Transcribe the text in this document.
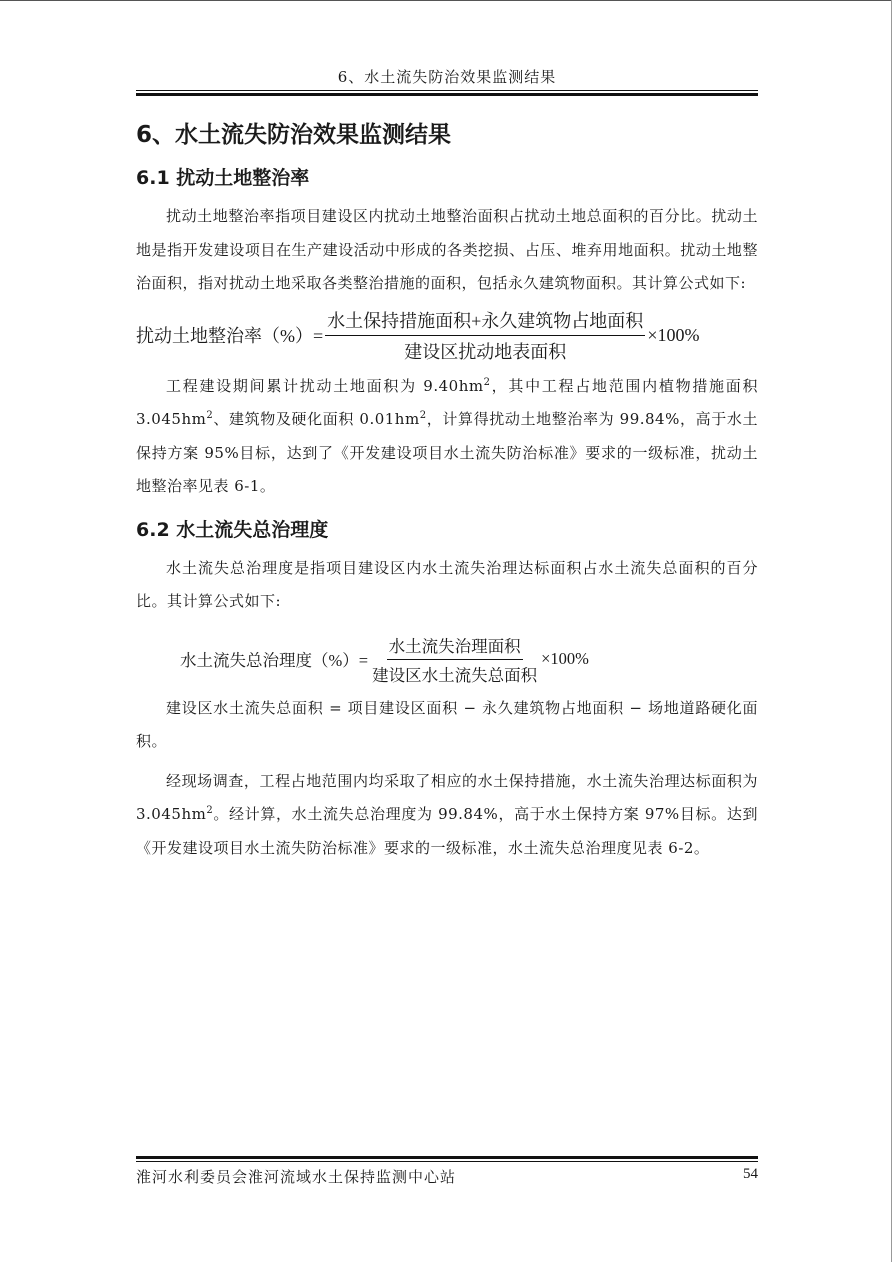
6、水土流失防治效果监测结果
6、水土流失防治效果监测结果
6.1 扰动土地整治率

扰动土地整治率指项目建设区内扰动土地整治面积占扰动土地总面积的百分比。扰动土地是指开发建设项目在生产建设活动中形成的各类挖损、占压、堆弃用地面积。扰动土地整治面积，指对扰动土地采取各类整治措施的面积，包括永久建筑物面积。其计算公式如下:

扰动土地整治率（%）= $\frac{\text{水土保持措施面积+永久建筑物占地面积}}{\text{建设区扰动地表面积}} \times 100\%$

工程建设期间累计扰动土地面积为 $9.40hm^2$，其中工程占地范围内植物措施面积 $3.045hm^2$、建筑物及硬化面积 $0.01hm^2$，计算得扰动土地整治率为 99.84%，高于水土保持方案 95%目标，达到了《开发建设项目水土流失防治标准》要求的一级标准，扰动土地整治率见表 6-1。

6.2 水土流失总治理度

水土流失总治理度是指项目建设区内水土流失治理达标面积占水土流失总面积的百分比。其计算公式如下:

水土流失总治理度（%）= $\frac{\text{水土流失治理面积}}{\text{建设区水土流失总面积}} \times 100\%$

建设区水土流失总面积 = 项目建设区面积 − 永久建筑物占地面积 − 场地道路硬化面积。

经现场调查，工程占地范围内均采取了相应的水土保持措施，水土流失治理达标面积为 $3.045hm^2$。经计算，水土流失总治理度为 99.84%，高于水土保持方案 97%目标。达到《开发建设项目水土流失防治标准》要求的一级标准，水土流失总治理度见表 6-2。

淮河水利委员会淮河流域水土保持监测中心站	54
